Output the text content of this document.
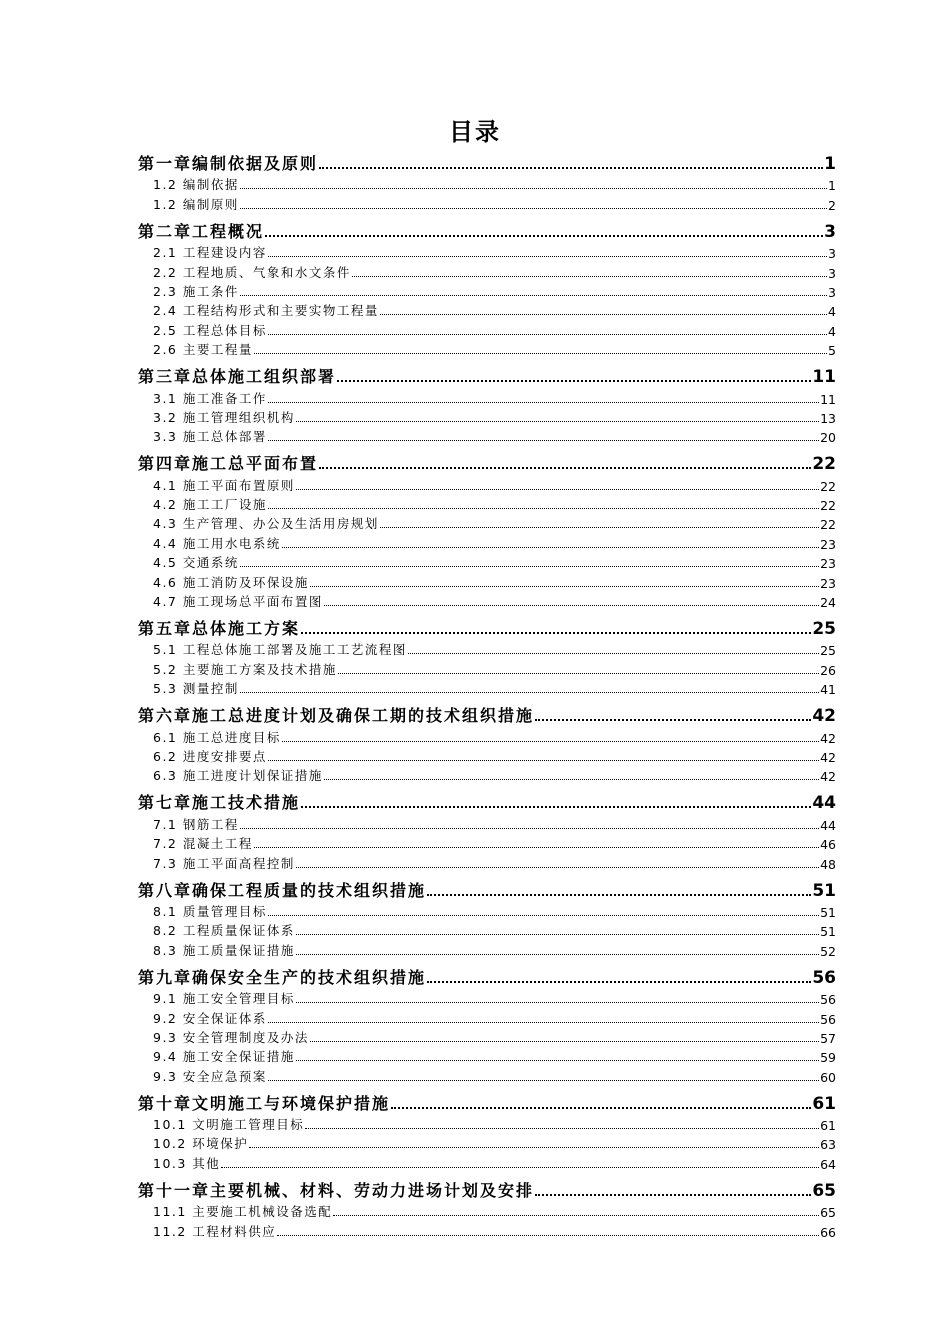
目录
第一章编制依据及原则	1
1.2 编制依据	1
1.2 编制原则	2
第二章工程概况	3
2.1 工程建设内容	3
2.2 工程地质、气象和水文条件	3
2.3 施工条件	3
2.4 工程结构形式和主要实物工程量	4
2.5 工程总体目标	4
2.6 主要工程量	5
第三章总体施工组织部署	11
3.1 施工准备工作	11
3.2 施工管理组织机构	13
3.3 施工总体部署	20
第四章施工总平面布置	22
4.1 施工平面布置原则	22
4.2 施工工厂设施	22
4.3 生产管理、办公及生活用房规划	22
4.4 施工用水电系统	23
4.5 交通系统	23
4.6 施工消防及环保设施	23
4.7 施工现场总平面布置图	24
第五章总体施工方案	25
5.1 工程总体施工部署及施工工艺流程图	25
5.2 主要施工方案及技术措施	26
5.3 测量控制	41
第六章施工总进度计划及确保工期的技术组织措施	42
6.1 施工总进度目标	42
6.2 进度安排要点	42
6.3 施工进度计划保证措施	42
第七章施工技术措施	44
7.1 钢筋工程	44
7.2 混凝土工程	46
7.3 施工平面高程控制	48
第八章确保工程质量的技术组织措施	51
8.1 质量管理目标	51
8.2 工程质量保证体系	51
8.3 施工质量保证措施	52
第九章确保安全生产的技术组织措施	56
9.1 施工安全管理目标	56
9.2 安全保证体系	56
9.3 安全管理制度及办法	57
9.4 施工安全保证措施	59
9.3 安全应急预案	60
第十章文明施工与环境保护措施	61
10.1 文明施工管理目标	61
10.2 环境保护	63
10.3 其他	64
第十一章主要机械、材料、劳动力进场计划及安排	65
11.1 主要施工机械设备选配	65
11.2 工程材料供应	66
